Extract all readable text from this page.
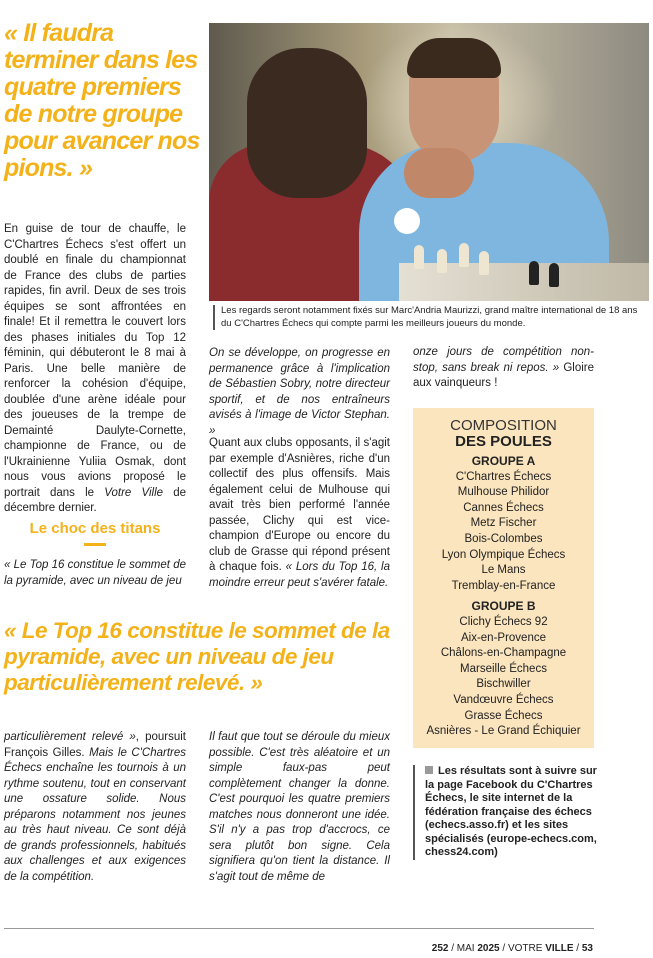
« Il faudra terminer dans les quatre premiers de notre groupe pour avancer nos pions. »
Les regards seront notamment fixés sur Marc'Andria Maurizzi, grand maître international de 18 ans du C'Chartres Échecs qui compte parmi les meilleurs joueurs du monde.
En guise de tour de chauffe, le C'Chartres Échecs s'est offert un doublé en finale du championnat de France des clubs de parties rapides, fin avril. Deux de ses trois équipes se sont affrontées en finale! Et il remettra le couvert lors des phases initiales du Top 12 féminin, qui débuteront le 8 mai à Paris. Une belle manière de renforcer la cohésion d'équipe, doublée d'une arène idéale pour des joueuses de la trempe de Demainté Daulyte-Cornette, championne de France, ou de l'Ukrainienne Yuliia Osmak, dont nous vous avions proposé le portrait dans le Votre Ville de décembre dernier.
Le choc des titans
« Le Top 16 constitue le sommet de la pyramide, avec un niveau de jeu
On se développe, on progresse en permanence grâce à l'implication de Sébastien Sobry, notre directeur sportif, et de nos entraîneurs avisés à l'image de Victor Stephan. »
Quant aux clubs opposants, il s'agit par exemple d'Asnières, riche d'un collectif des plus offensifs. Mais également celui de Mulhouse qui avait très bien performé l'année passée, Clichy qui est vice-champion d'Europe ou encore du club de Grasse qui répond présent à chaque fois. « Lors du Top 16, la moindre erreur peut s'avérer fatale.
onze jours de compétition non-stop, sans break ni repos. » Gloire aux vainqueurs !
« Le Top 16 constitue le sommet de la pyramide, avec un niveau de jeu particulièrement relevé. »
particulièrement relevé », poursuit François Gilles. Mais le C'Chartres Échecs enchaîne les tournois à un rythme soutenu, tout en conservant une ossature solide. Nous préparons notamment nos jeunes au très haut niveau. Ce sont déjà de grands professionnels, habitués aux challenges et aux exigences de la compétition.
Il faut que tout se déroule du mieux possible. C'est très aléatoire et un simple faux-pas peut complètement changer la donne. C'est pourquoi les quatre premiers matches nous donneront une idée. S'il n'y a pas trop d'accrocs, ce sera plutôt bon signe. Cela signifiera qu'on tient la distance. Il s'agit tout de même de
COMPOSITION
DES POULES
GROUPE A
C'Chartres Échecs
Mulhouse Philidor
Cannes Échecs
Metz Fischer
Bois-Colombes
Lyon Olympique Échecs
Le Mans
Tremblay-en-France
GROUPE B
Clichy Échecs 92
Aix-en-Provence
Châlons-en-Champagne
Marseille Échecs
Bischwiller
Vandœuvre Échecs
Grasse Échecs
Asnières - Le Grand Échiquier
Les résultats sont à suivre sur la page Facebook du C'Chartres Échecs, le site internet de la fédération française des échecs (echecs.asso.fr) et les sites spécialisés (europe-echecs.com, chess24.com)
252 / MAI 2025 / VOTRE VILLE / 53
